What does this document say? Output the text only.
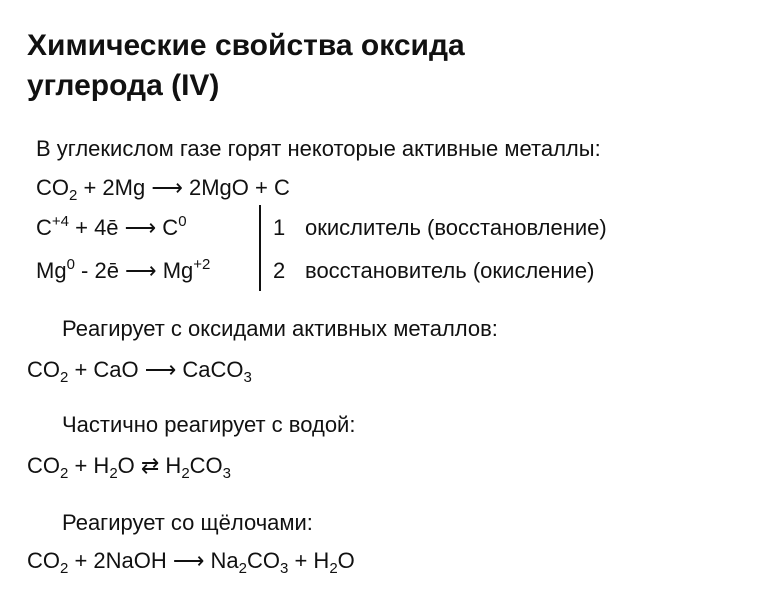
Химические свойства оксида
углерода (IV)
В углекислом газе горят некоторые активные металлы:
$CO_2 + 2Mg$ ⟶ 2MgO + C
$C^{+4}$ + 4ē ⟶ $C^0$
Mg$^0$ - 2ē ⟶ $Mg^{+2}$
1 окислитель (восстановление)
2 восстановитель (окисление)
Реагирует с оксидами активных металлов:
$CO_2$ + CaO ⟶ CaCO$_3$
Частично реагирует с водой:
$CO_2 + H_2O$ ⇄ $H_2CO_3$
Реагирует со щёлочами:
$CO_2$ + 2NaOH ⟶ $Na_2CO_3 + H_2O$
